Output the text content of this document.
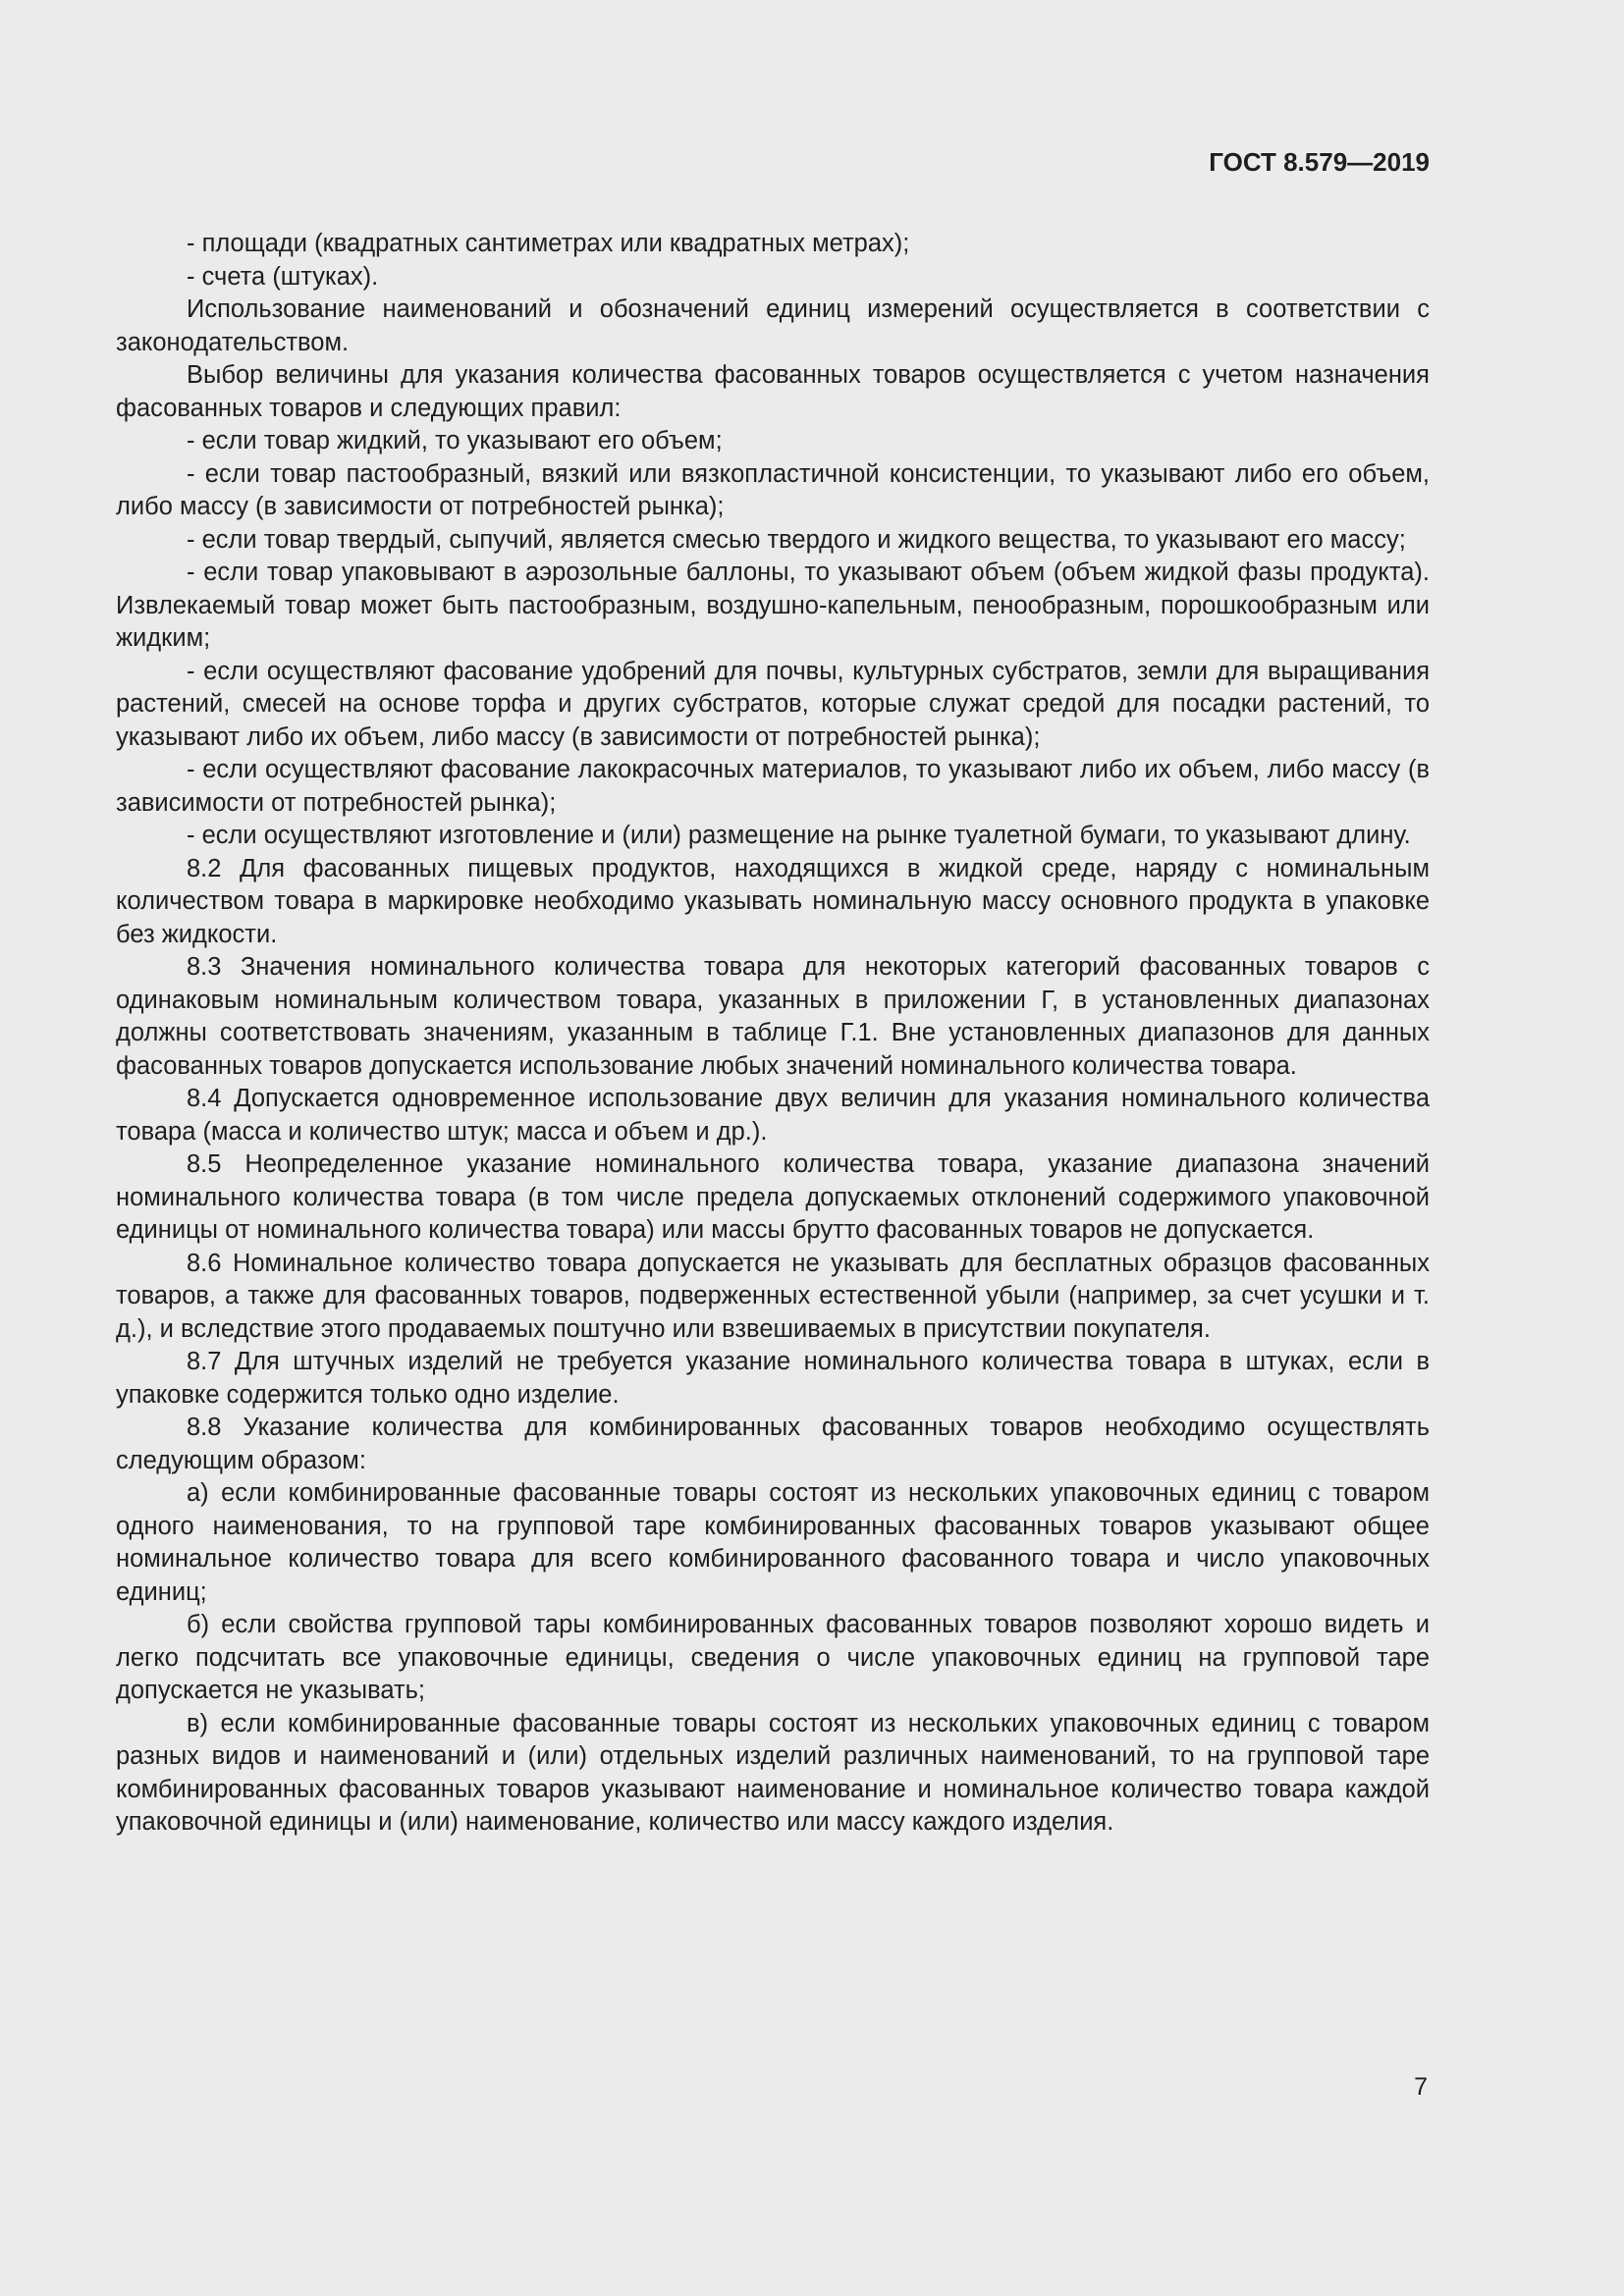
ГОСТ 8.579—2019

- площади (квадратных сантиметрах или квадратных метрах);

- счета (штуках).

Использование наименований и обозначений единиц измерений осуществляется в соответствии с законодательством.

Выбор величины для указания количества фасованных товаров осуществляется с учетом назначения фасованных товаров и следующих правил:

- если товар жидкий, то указывают его объем;

- если товар пастообразный, вязкий или вязкопластичной консистенции, то указывают либо его объем, либо массу (в зависимости от потребностей рынка);

- если товар твердый, сыпучий, является смесью твердого и жидкого вещества, то указывают его массу;

- если товар упаковывают в аэрозольные баллоны, то указывают объем (объем жидкой фазы продукта). Извлекаемый товар может быть пастообразным, воздушно-капельным, пенообразным, порошкообразным или жидким;

- если осуществляют фасование удобрений для почвы, культурных субстратов, земли для выращивания растений, смесей на основе торфа и других субстратов, которые служат средой для посадки растений, то указывают либо их объем, либо массу (в зависимости от потребностей рынка);

- если осуществляют фасование лакокрасочных материалов, то указывают либо их объем, либо массу (в зависимости от потребностей рынка);

- если осуществляют изготовление и (или) размещение на рынке туалетной бумаги, то указывают длину.

8.2 Для фасованных пищевых продуктов, находящихся в жидкой среде, наряду с номинальным количеством товара в маркировке необходимо указывать номинальную массу основного продукта в упаковке без жидкости.

8.3 Значения номинального количества товара для некоторых категорий фасованных товаров с одинаковым номинальным количеством товара, указанных в приложении Г, в установленных диапазонах должны соответствовать значениям, указанным в таблице Г.1. Вне установленных диапазонов для данных фасованных товаров допускается использование любых значений номинального количества товара.

8.4 Допускается одновременное использование двух величин для указания номинального количества товара (масса и количество штук; масса и объем и др.).

8.5 Неопределенное указание номинального количества товара, указание диапазона значений номинального количества товара (в том числе предела допускаемых отклонений содержимого упаковочной единицы от номинального количества товара) или массы брутто фасованных товаров не допускается.

8.6 Номинальное количество товара допускается не указывать для бесплатных образцов фасованных товаров, а также для фасованных товаров, подверженных естественной убыли (например, за счет усушки и т. д.), и вследствие этого продаваемых поштучно или взвешиваемых в присутствии покупателя.

8.7 Для штучных изделий не требуется указание номинального количества товара в штуках, если в упаковке содержится только одно изделие.

8.8 Указание количества для комбинированных фасованных товаров необходимо осуществлять следующим образом:

а) если комбинированные фасованные товары состоят из нескольких упаковочных единиц с товаром одного наименования, то на групповой таре комбинированных фасованных товаров указывают общее номинальное количество товара для всего комбинированного фасованного товара и число упаковочных единиц;

б) если свойства групповой тары комбинированных фасованных товаров позволяют хорошо видеть и легко подсчитать все упаковочные единицы, сведения о числе упаковочных единиц на групповой таре допускается не указывать;

в) если комбинированные фасованные товары состоят из нескольких упаковочных единиц с товаром разных видов и наименований и (или) отдельных изделий различных наименований, то на групповой таре комбинированных фасованных товаров указывают наименование и номинальное количество товара каждой упаковочной единицы и (или) наименование, количество или массу каждого изделия.

7
